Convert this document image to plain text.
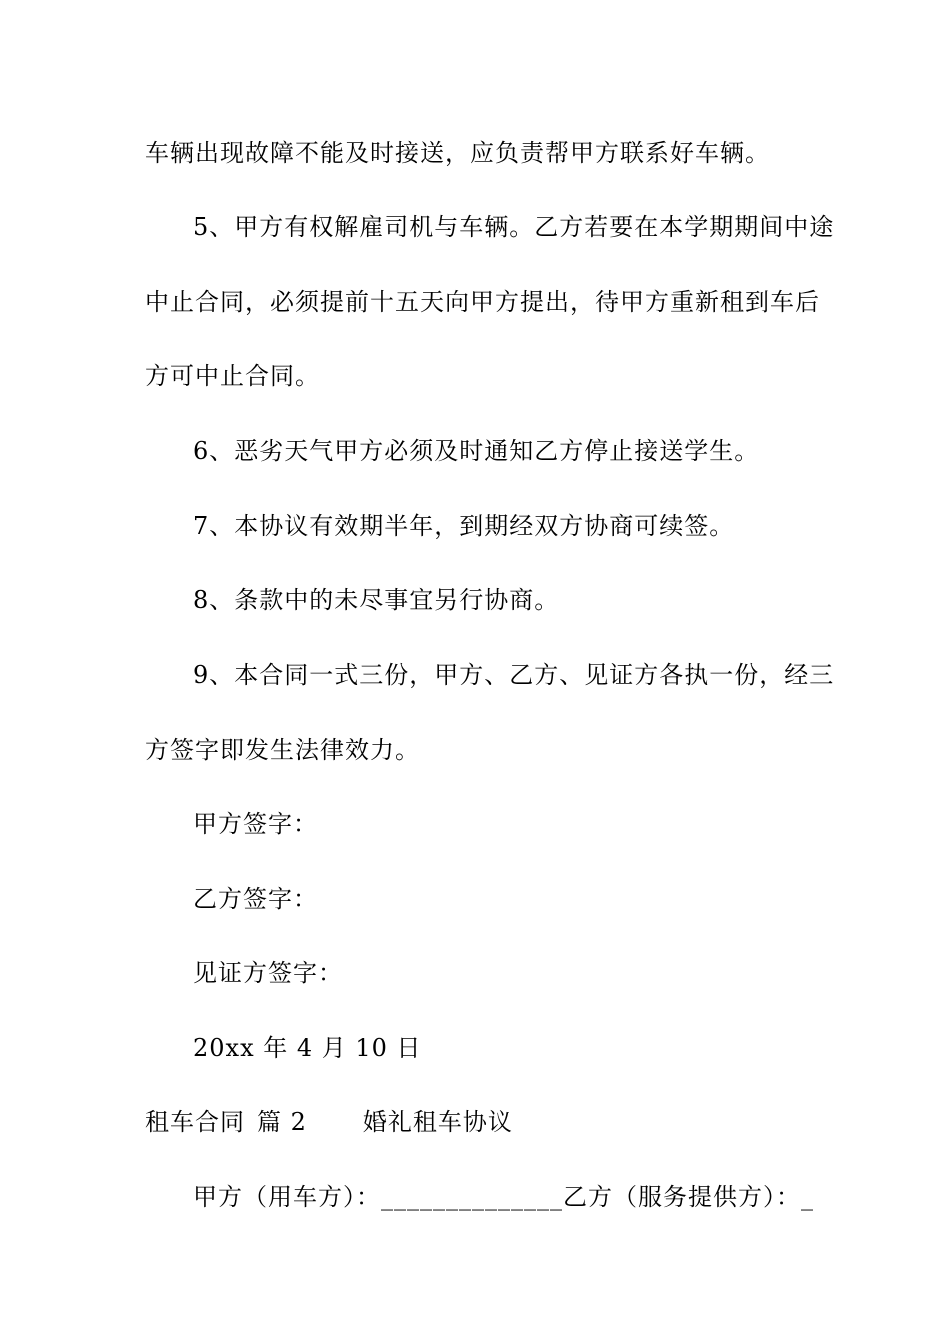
车辆出现故障不能及时接送，应负责帮甲方联系好车辆。
5、甲方有权解雇司机与车辆。乙方若要在本学期期间中途
中止合同，必须提前十五天向甲方提出，待甲方重新租到车后
方可中止合同。
6、恶劣天气甲方必须及时通知乙方停止接送学生。
7、本协议有效期半年，到期经双方协商可续签。
8、条款中的未尽事宜另行协商。
9、本合同一式三份，甲方、乙方、见证方各执一份，经三
方签字即发生法律效力。
甲方签字：
乙方签字：
见证方签字：
20xx 年 4 月 10 日
租车合同 篇 2 婚礼租车协议
甲方（用车方）：______________乙方（服务提供方）：_
